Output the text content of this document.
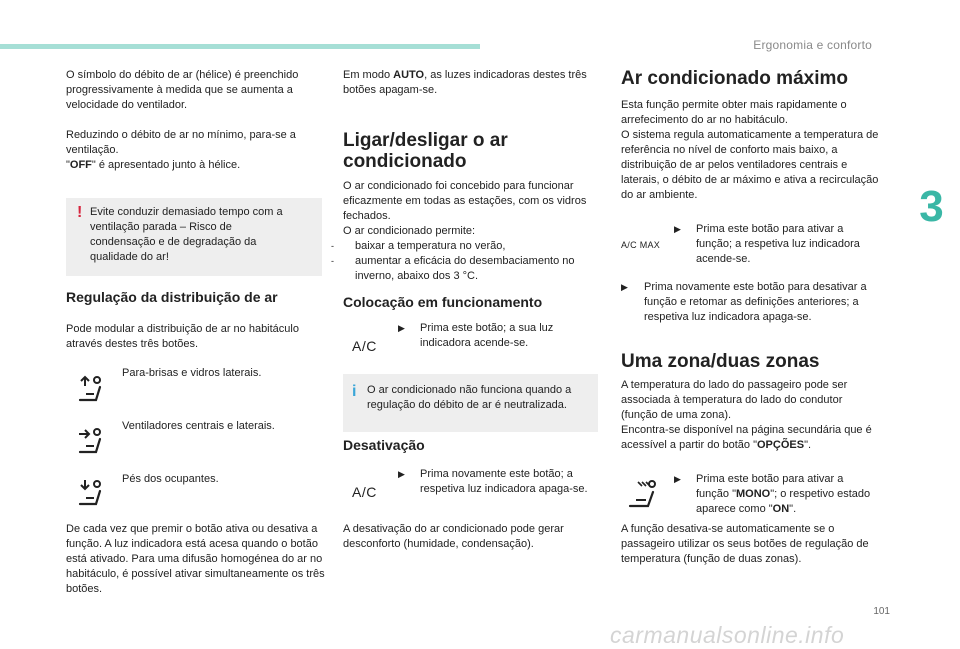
Ergonomia e conforto
3
101

O símbolo do débito de ar (hélice) é preenchido progressivamente à medida que se aumenta a velocidade do ventilador.

Reduzindo o débito de ar no mínimo, para-se a ventilação.

"OFF" é apresentado junto à hélice.

! Evite conduzir demasiado tempo com a ventilação parada – Risco de condensação e de degradação da qualidade do ar!

Regulação da distribuição de ar

Pode modular a distribuição de ar no habitáculo através destes três botões.

Para-brisas e vidros laterais.

Ventiladores centrais e laterais.

Pés dos ocupantes.

De cada vez que premir o botão ativa ou desativa a função. A luz indicadora está acesa quando o botão está ativado. Para uma difusão homogénea do ar no habitáculo, é possível ativar simultaneamente os três botões.

Em modo AUTO, as luzes indicadoras destes três botões apagam-se.

Ligar/desligar o ar condicionado

O ar condicionado foi concebido para funcionar eficazmente em todas as estações, com os vidros fechados.

O ar condicionado permite:

- baixar a temperatura no verão,

- aumentar a eficácia do desembaciamento no inverno, abaixo dos 3 °C.

Colocação em funcionamento
A/C
▶	Prima este botão; a sua luz indicadora acende-se.

i O ar condicionado não funciona quando a regulação do débito de ar é neutralizada.

Desativação
A/C
▶	Prima novamente este botão; a respetiva luz indicadora apaga-se.

A desativação do ar condicionado pode gerar desconforto (humidade, condensação).

Ar condicionado máximo

Esta função permite obter mais rapidamente o arrefecimento do ar no habitáculo.

O sistema regula automaticamente a temperatura de referência no nível de conforto mais baixo, a distribuição de ar pelos ventiladores centrais e laterais, o débito de ar máximo e ativa a recirculação do ar ambiente.

A/C MAX
▶	Prima este botão para ativar a função; a respetiva luz indicadora acende-se.

▶	Prima novamente este botão para desativar a função e retomar as definições anteriores; a respetiva luz indicadora apaga-se.

Uma zona/duas zonas

A temperatura do lado do passageiro pode ser associada à temperatura do lado do condutor (função de uma zona).

Encontra-se disponível na página secundária que é acessível a partir do botão "OPÇÕES".

▶	Prima este botão para ativar a função "MONO"; o respetivo estado aparece como "ON".

A função desativa-se automaticamente se o passageiro utilizar os seus botões de regulação de temperatura (função de duas zonas).

carmanualsonline.info
